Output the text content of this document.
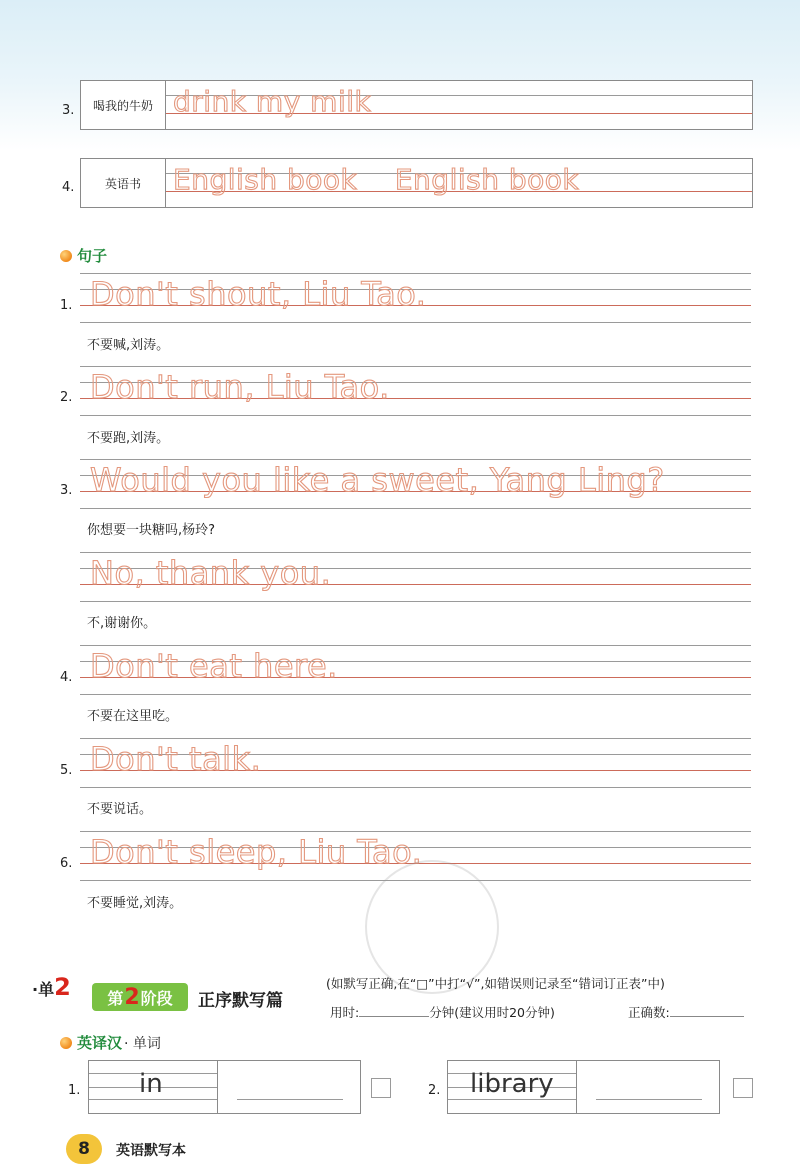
3.	喝我的牛奶 drink my milk
4.	英语书	English book    English book
句子
1. Don't shout, Liu Tao.
不要喊,刘涛。
2. Don't run, Liu Tao.
不要跑,刘涛。
3. Would you like a sweet, Yang Ling?
你想要一块糖吗,杨玲?
No, thank you.
不,谢谢你。
4. Don't eat here.
不要在这里吃。
5. Don't talk.
不要说话。
6. Don't sleep, Liu Tao.
不要睡觉,刘涛。
·单2 第 2 阶段 正序默写篇
(如默写正确,在“□”中打“√”,如错误则记录至“错词订正表”中)
用时:	分钟(建议用时20分钟)	正确数:
英译汉 · 单词
1. in	2. library
8	英语默写本
